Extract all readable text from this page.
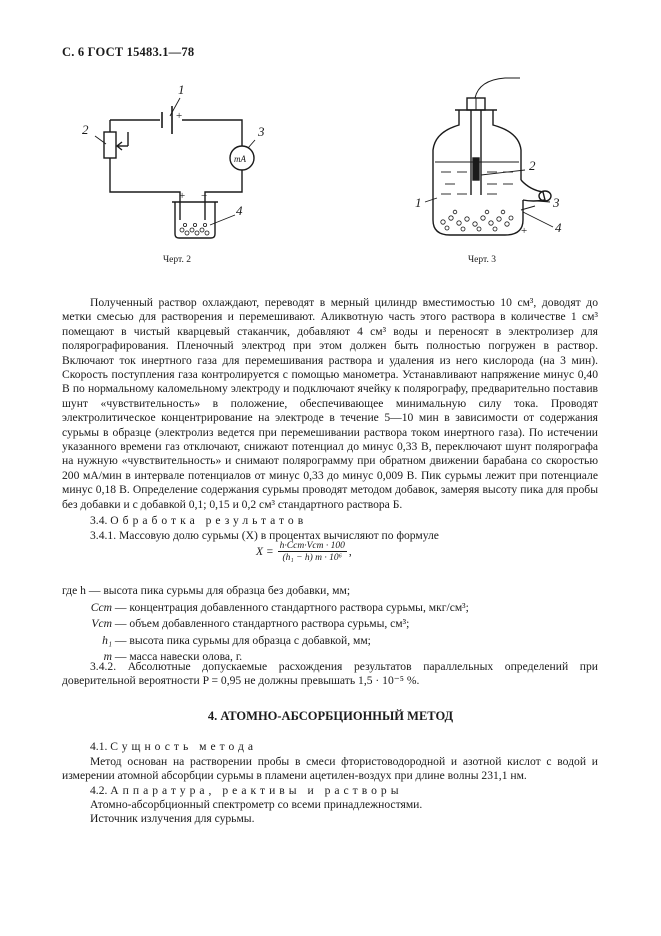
С. 6 ГОСТ 15483.1—78
1
2	3
4
mA
+
+ −
Черт. 2
2
1	3
4
+
Черт. 3

Полученный раствор охлаждают, переводят в мерный цилиндр вместимостью 10 см³, доводят до метки смесью для растворения и перемешивают. Аликвотную часть этого раствора в количестве 1 см³ помещают в чистый кварцевый стаканчик, добавляют 4 см³ воды и переносят в электролизер для полярографирования. Пленочный электрод при этом должен быть полностью погружен в раствор. Включают ток инертного газа для перемешивания раствора и удаления из него кислорода (на 3 мин). Скорость поступления газа контролируется с помощью манометра. Устанавливают напряжение минус 0,40 В по нормальному каломельному электроду и подключают ячейку к полярографу, предварительно поставив шунт «чувствительность» в положение, обеспечивающее минимальную силу тока. Проводят электролитическое концентрирование на электроде в течение 5—10 мин в зависимости от содержания сурьмы в образце (электролиз ведется при перемешивании раствора током инертного газа). По истечении указанного времени газ отключают, снижают потенциал до минус 0,33 В, переключают шунт полярографа на нужную «чувствительность» и снимают полярограмму при обратном движении барабана со скоростью 200 мА/мин в интервале потенциалов от минус 0,33 до минус 0,009 В. Пик сурьмы лежит при потенциале минус 0,18 В. Определение содержания сурьмы проводят методом добавок, замеряя высоту пика для пробы без добавки и с добавкой 0,1; 0,15 и 0,2 см³ стандартного раствора Б.

3.4. Обработка результатов

3.4.1. Массовую долю сурьмы (X) в процентах вычисляют по формуле

X =	h·Cст·Vст · 100	,
(h₁ − h) m · 10⁶
где h — высота пика сурьмы для образца без добавки, мм;
Cст — концентрация добавленного стандартного раствора сурьмы, мкг/см³;
Vст — объем добавленного стандартного раствора сурьмы, см³;
h₁ — высота пика сурьмы для образца с добавкой, мм;
m — масса навески олова, г.

3.4.2. Абсолютные допускаемые расхождения результатов параллельных определений при доверительной вероятности P = 0,95 не должны превышать 1,5 · 10⁻⁵ %.

4. АТОМНО-АБСОРБЦИОННЫЙ МЕТОД

4.1. Сущность метода

Метод основан на растворении пробы в смеси фтористоводородной и азотной кислот с водой и измерении атомной абсорбции сурьмы в пламени ацетилен-воздух при длине волны 231,1 нм.

4.2. Аппаратура, реактивы и растворы

Атомно-абсорбционный спектрометр со всеми принадлежностями.

Источник излучения для сурьмы.
